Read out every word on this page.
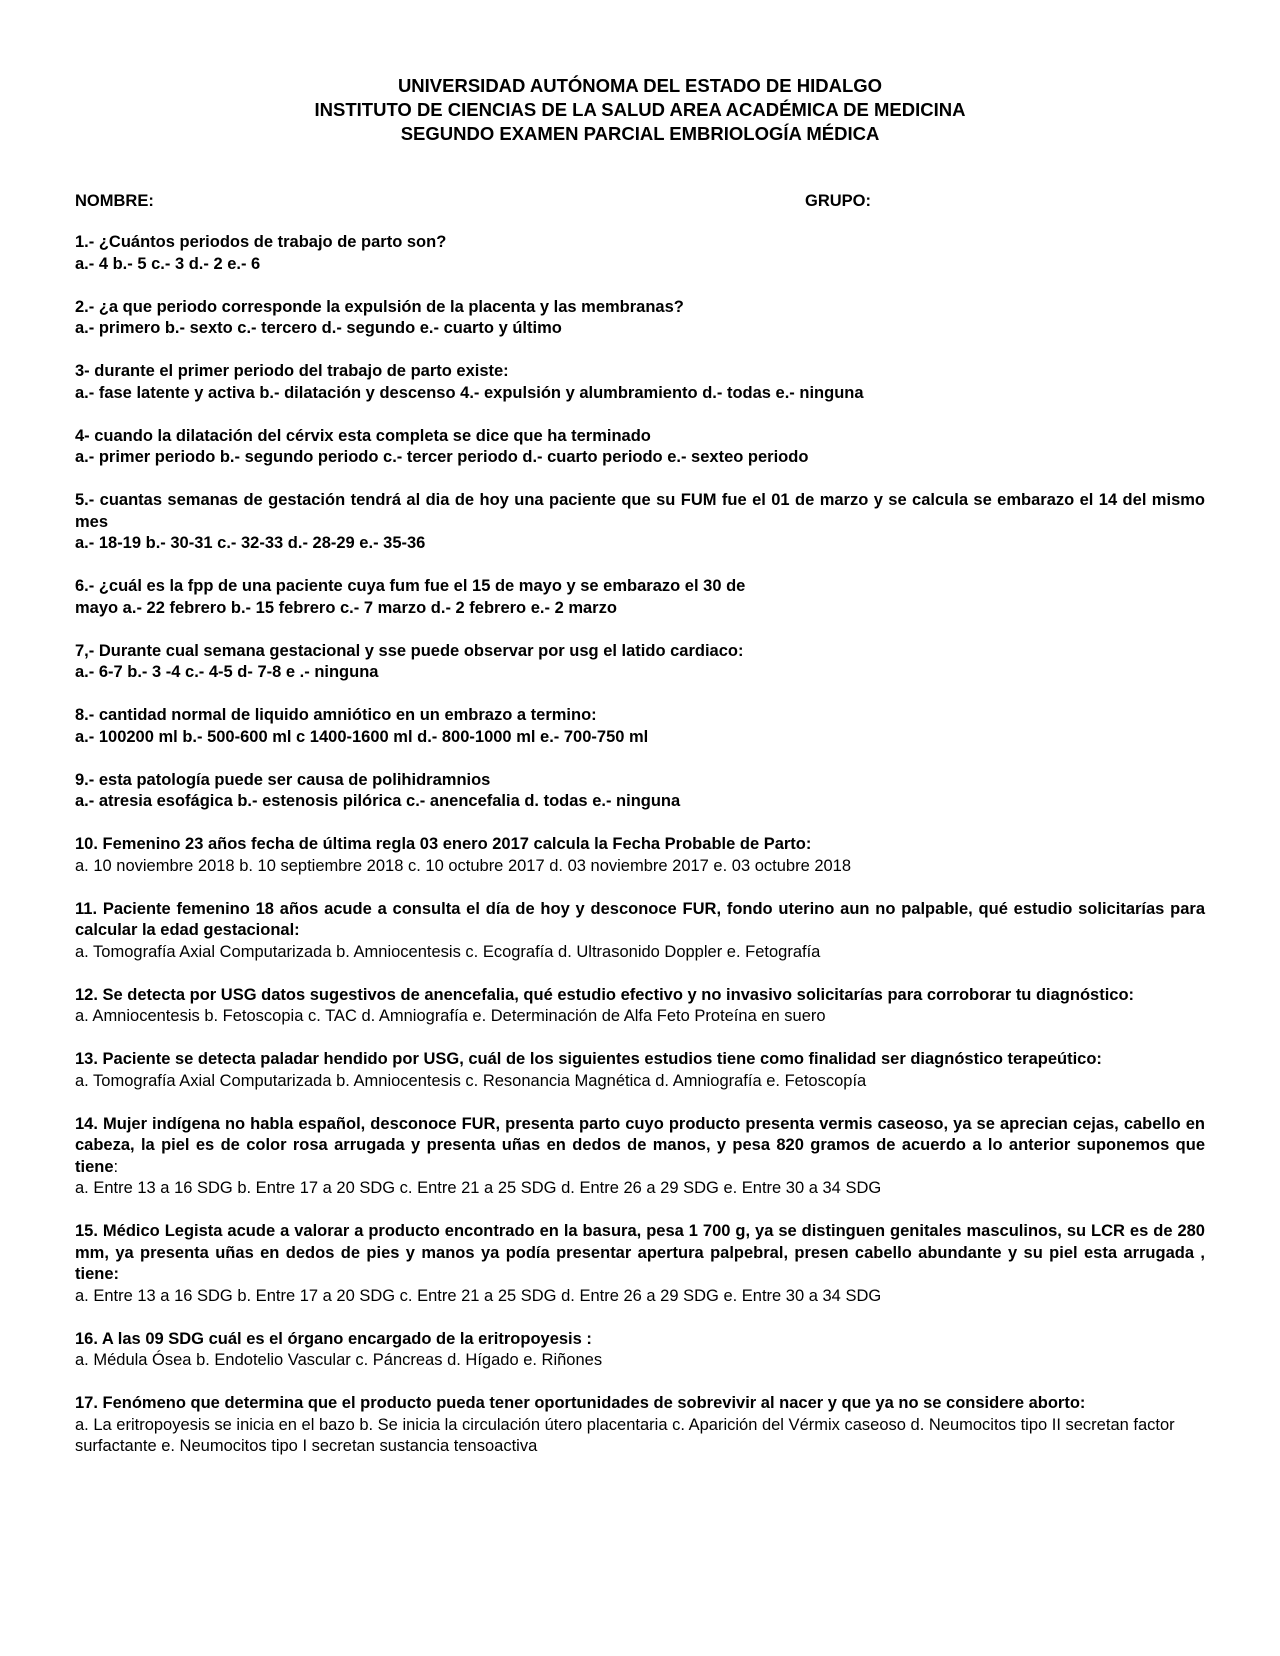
UNIVERSIDAD AUTÓNOMA DEL ESTADO DE HIDALGO
INSTITUTO DE CIENCIAS DE LA SALUD AREA ACADÉMICA DE MEDICINA
SEGUNDO EXAMEN PARCIAL EMBRIOLOGÍA MÉDICA
NOMBRE:	GRUPO:
1.- ¿Cuántos periodos de trabajo de parto son?
a.- 4 b.- 5 c.- 3 d.- 2 e.- 6
2.- ¿a que periodo corresponde la expulsión de la placenta y las membranas?
a.- primero b.- sexto c.- tercero d.- segundo e.- cuarto y último
3- durante el primer periodo del trabajo de parto existe:
a.- fase latente y activa b.- dilatación y descenso 4.- expulsión y alumbramiento d.- todas e.- ninguna
4- cuando la dilatación del cérvix esta completa se dice que ha terminado
a.- primer periodo b.- segundo periodo c.- tercer periodo d.- cuarto periodo e.- sexteo periodo
5.- cuantas semanas de gestación tendrá al dia de hoy una paciente que su FUM fue el 01 de marzo y se calcula se embarazo el 14 del mismo mes
a.- 18-19 b.- 30-31 c.- 32-33 d.- 28-29 e.- 35-36
6.- ¿cuál es la fpp de una paciente cuya fum fue el 15 de mayo y se embarazo el 30 de
mayo a.- 22 febrero b.- 15 febrero c.- 7 marzo d.- 2 febrero e.- 2 marzo
7,- Durante cual semana gestacional y sse puede observar por usg el latido cardiaco:
a.- 6-7 b.- 3 -4 c.- 4-5 d- 7-8 e .- ninguna
8.- cantidad normal de liquido amniótico en un embrazo a termino:
a.- 100200 ml b.- 500-600 ml c 1400-1600 ml d.- 800-1000 ml e.- 700-750 ml
9.- esta patología puede ser causa de polihidramnios
a.- atresia esofágica b.- estenosis pilórica c.- anencefalia d. todas e.- ninguna
10. Femenino 23 años fecha de última regla 03 enero 2017 calcula la Fecha Probable de Parto:
a. 10 noviembre 2018 b. 10 septiembre 2018 c. 10 octubre 2017 d. 03 noviembre 2017 e. 03 octubre 2018
11. Paciente femenino 18 años acude a consulta el día de hoy y desconoce FUR, fondo uterino aun no palpable, qué estudio solicitarías para calcular la edad gestacional:
a. Tomografía Axial Computarizada b. Amniocentesis c. Ecografía d. Ultrasonido Doppler e. Fetografía
12. Se detecta por USG datos sugestivos de anencefalia, qué estudio efectivo y no invasivo solicitarías para corroborar tu diagnóstico:
a. Amniocentesis b. Fetoscopia c. TAC d. Amniografía e. Determinación de Alfa Feto Proteína en suero
13. Paciente se detecta paladar hendido por USG, cuál de los siguientes estudios tiene como finalidad ser diagnóstico terapeútico:
a. Tomografía Axial Computarizada b. Amniocentesis c. Resonancia Magnética d. Amniografía e. Fetoscopía
14. Mujer indígena no habla español, desconoce FUR, presenta parto cuyo producto presenta vermis caseoso, ya se aprecian cejas, cabello en cabeza, la piel es de color rosa arrugada y presenta uñas en dedos de manos, y pesa 820 gramos de acuerdo a lo anterior suponemos que tiene:
a. Entre 13 a 16 SDG b. Entre 17 a 20 SDG c. Entre 21 a 25 SDG d. Entre 26 a 29 SDG e. Entre 30 a 34 SDG
15. Médico Legista acude a valorar a producto encontrado en la basura, pesa 1 700 g, ya se distinguen genitales masculinos, su LCR es de 280 mm, ya presenta uñas en dedos de pies y manos ya podía presentar apertura palpebral, presen cabello abundante y su piel esta arrugada , tiene:
a. Entre 13 a 16 SDG b. Entre 17 a 20 SDG c. Entre 21 a 25 SDG d. Entre 26 a 29 SDG e. Entre 30 a 34 SDG
16. A las 09 SDG cuál es el órgano encargado de la eritropoyesis :
a. Médula Ósea b. Endotelio Vascular c. Páncreas d. Hígado e. Riñones
17. Fenómeno que determina que el producto pueda tener oportunidades de sobrevivir al nacer y que ya no se considere aborto:
a. La eritropoyesis se inicia en el bazo b. Se inicia la circulación útero placentaria c. Aparición del Vérmix caseoso d. Neumocitos tipo II secretan factor surfactante e. Neumocitos tipo I secretan sustancia tensoactiva
